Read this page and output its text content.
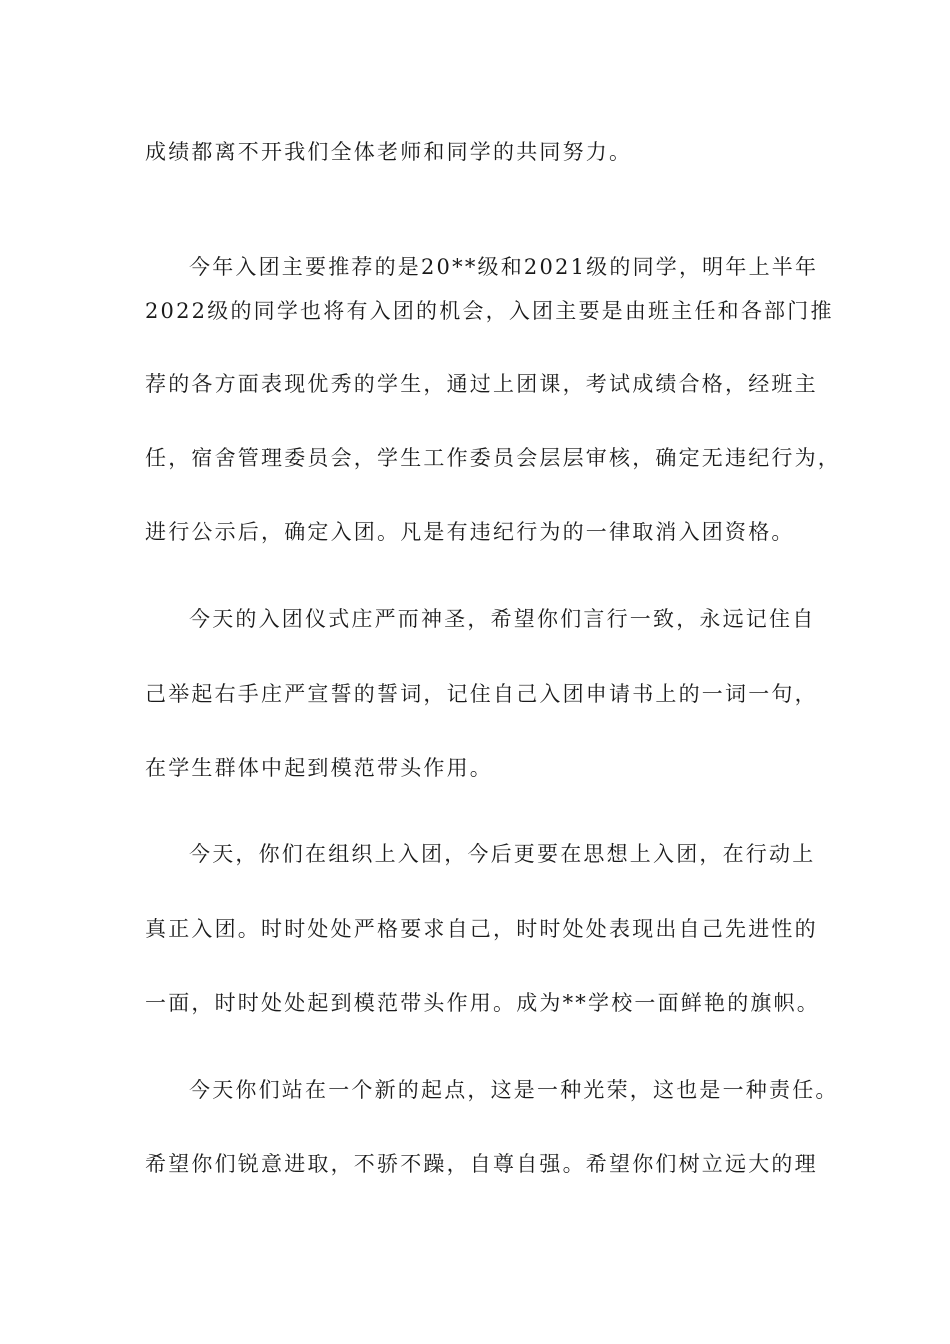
成绩都离不开我们全体老师和同学的共同努力。
今年入团主要推荐的是20**级和2021级的同学，明年上半年
2022级的同学也将有入团的机会，入团主要是由班主任和各部门推
荐的各方面表现优秀的学生，通过上团课，考试成绩合格，经班主
任，宿舍管理委员会，学生工作委员会层层审核，确定无违纪行为，
进行公示后，确定入团。凡是有违纪行为的一律取消入团资格。
今天的入团仪式庄严而神圣，希望你们言行一致，永远记住自
己举起右手庄严宣誓的誓词，记住自己入团申请书上的一词一句，
在学生群体中起到模范带头作用。
今天，你们在组织上入团，今后更要在思想上入团，在行动上
真正入团。时时处处严格要求自己，时时处处表现出自己先进性的
一面，时时处处起到模范带头作用。成为**学校一面鲜艳的旗帜。
今天你们站在一个新的起点，这是一种光荣，这也是一种责任。
希望你们锐意进取，不骄不躁，自尊自强。希望你们树立远大的理
